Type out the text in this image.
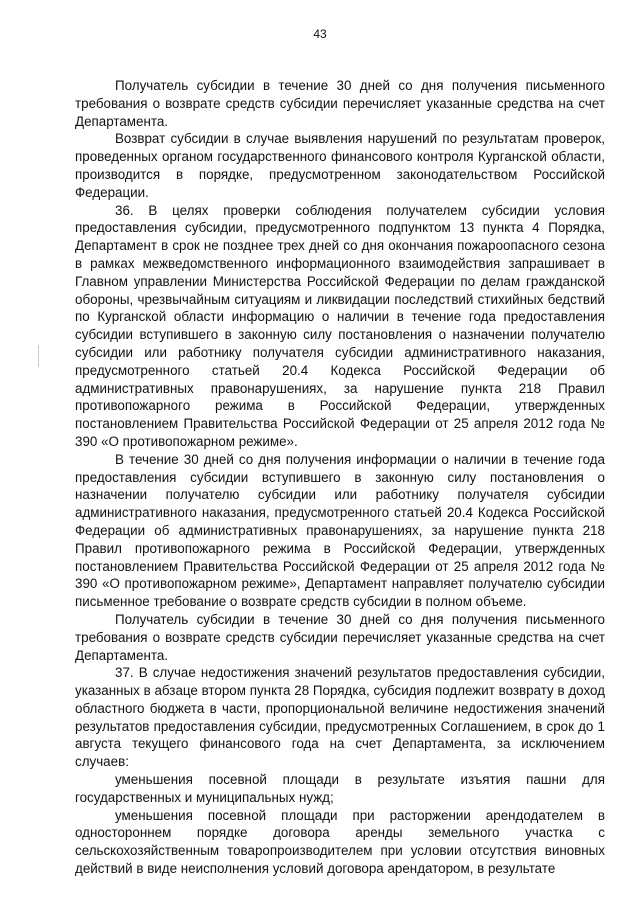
43

Получатель субсидии в течение 30 дней со дня получения письменного требования о возврате средств субсидии перечисляет указанные средства на счет Департамента.

Возврат субсидии в случае выявления нарушений по результатам проверок, проведенных органом государственного финансового контроля Курганской области, производится в порядке, предусмотренном законодательством Российской Федерации.

36. В целях проверки соблюдения получателем субсидии условия предоставления субсидии, предусмотренного подпунктом 13 пункта 4 Порядка, Департамент в срок не позднее трех дней со дня окончания пожароопасного сезона в рамках межведомственного информационного взаимодействия запрашивает в Главном управлении Министерства Российской Федерации по делам гражданской обороны, чрезвычайным ситуациям и ликвидации последствий стихийных бедствий по Курганской области информацию о наличии в течение года предоставления субсидии вступившего в законную силу постановления о назначении получателю субсидии или работнику получателя субсидии административного наказания, предусмотренного статьей 20.4 Кодекса Российской Федерации об административных правонарушениях, за нарушение пункта 218 Правил противопожарного режима в Российской Федерации, утвержденных постановлением Правительства Российской Федерации от 25 апреля 2012 года № 390 «О противопожарном режиме».

В течение 30 дней со дня получения информации о наличии в течение года предоставления субсидии вступившего в законную силу постановления о назначении получателю субсидии или работнику получателя субсидии административного наказания, предусмотренного статьей 20.4 Кодекса Российской Федерации об административных правонарушениях, за нарушение пункта 218 Правил противопожарного режима в Российской Федерации, утвержденных постановлением Правительства Российской Федерации от 25 апреля 2012 года № 390 «О противопожарном режиме», Департамент направляет получателю субсидии письменное требование о возврате средств субсидии в полном объеме.

Получатель субсидии в течение 30 дней со дня получения письменного требования о возврате средств субсидии перечисляет указанные средства на счет Департамента.

37. В случае недостижения значений результатов предоставления субсидии, указанных в абзаце втором пункта 28 Порядка, субсидия подлежит возврату в доход областного бюджета в части, пропорциональной величине недостижения значений результатов предоставления субсидии, предусмотренных Соглашением, в срок до 1 августа текущего финансового года на счет Департамента, за исключением случаев:

уменьшения посевной площади в результате изъятия пашни для государственных и муниципальных нужд;

уменьшения посевной площади при расторжении арендодателем в одностороннем порядке договора аренды земельного участка с сельскохозяйственным товаропроизводителем при условии отсутствия виновных действий в виде неисполнения условий договора арендатором, в результате
